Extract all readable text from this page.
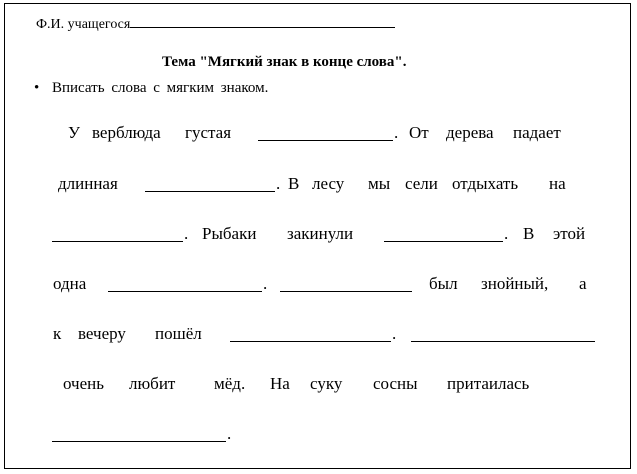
Ф.И. учащегося
Тема "Мягкий знак в конце слова".
• Вписать слова с мягким знаком.
У верблюда густая	. От дерева падает
длинная	. В лесу мы сели отдыхать на
. Рыбаки закинули	. В этой
одна	.	был знойный, а
к вечеру пошёл	.
очень любит мёд. На суку сосны притаилась
.
